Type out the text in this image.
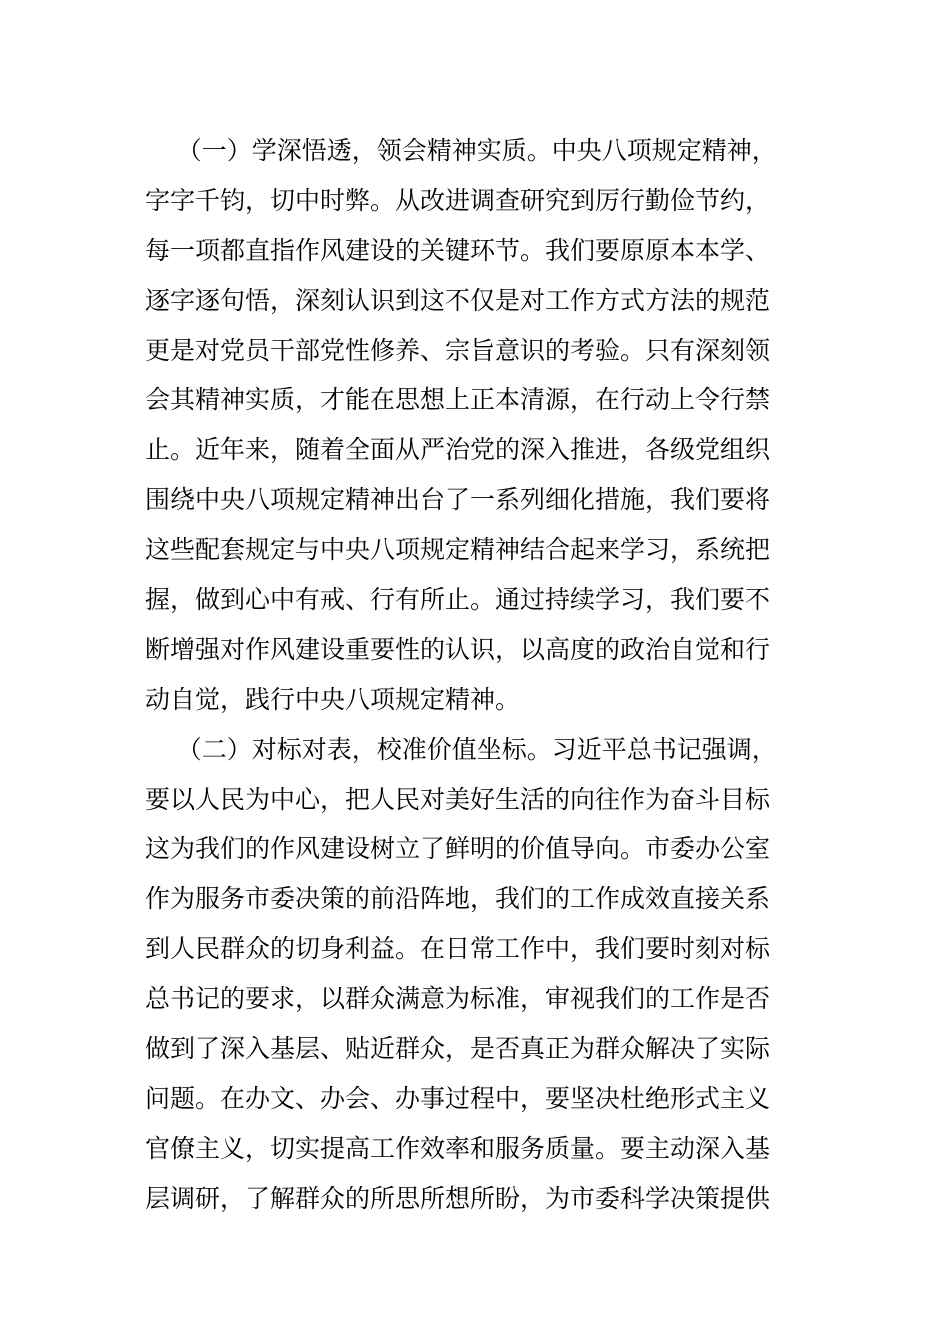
（一）学深悟透，领会精神实质。中央八项规定精神，
字字千钧，切中时弊。从改进调查研究到厉行勤俭节约，
每一项都直指作风建设的关键环节。我们要原原本本学、
逐字逐句悟，深刻认识到这不仅是对工作方式方法的规范
更是对党员干部党性修养、宗旨意识的考验。只有深刻领
会其精神实质，才能在思想上正本清源，在行动上令行禁
止。近年来，随着全面从严治党的深入推进，各级党组织
围绕中央八项规定精神出台了一系列细化措施，我们要将
这些配套规定与中央八项规定精神结合起来学习，系统把
握，做到心中有戒、行有所止。通过持续学习，我们要不
断增强对作风建设重要性的认识，以高度的政治自觉和行
动自觉，践行中央八项规定精神。
（二）对标对表，校准价值坐标。习近平总书记强调，
要以人民为中心，把人民对美好生活的向往作为奋斗目标
这为我们的作风建设树立了鲜明的价值导向。市委办公室
作为服务市委决策的前沿阵地，我们的工作成效直接关系
到人民群众的切身利益。在日常工作中，我们要时刻对标
总书记的要求，以群众满意为标准，审视我们的工作是否
做到了深入基层、贴近群众，是否真正为群众解决了实际
问题。在办文、办会、办事过程中，要坚决杜绝形式主义
官僚主义，切实提高工作效率和服务质量。要主动深入基
层调研，了解群众的所思所想所盼，为市委科学决策提供
